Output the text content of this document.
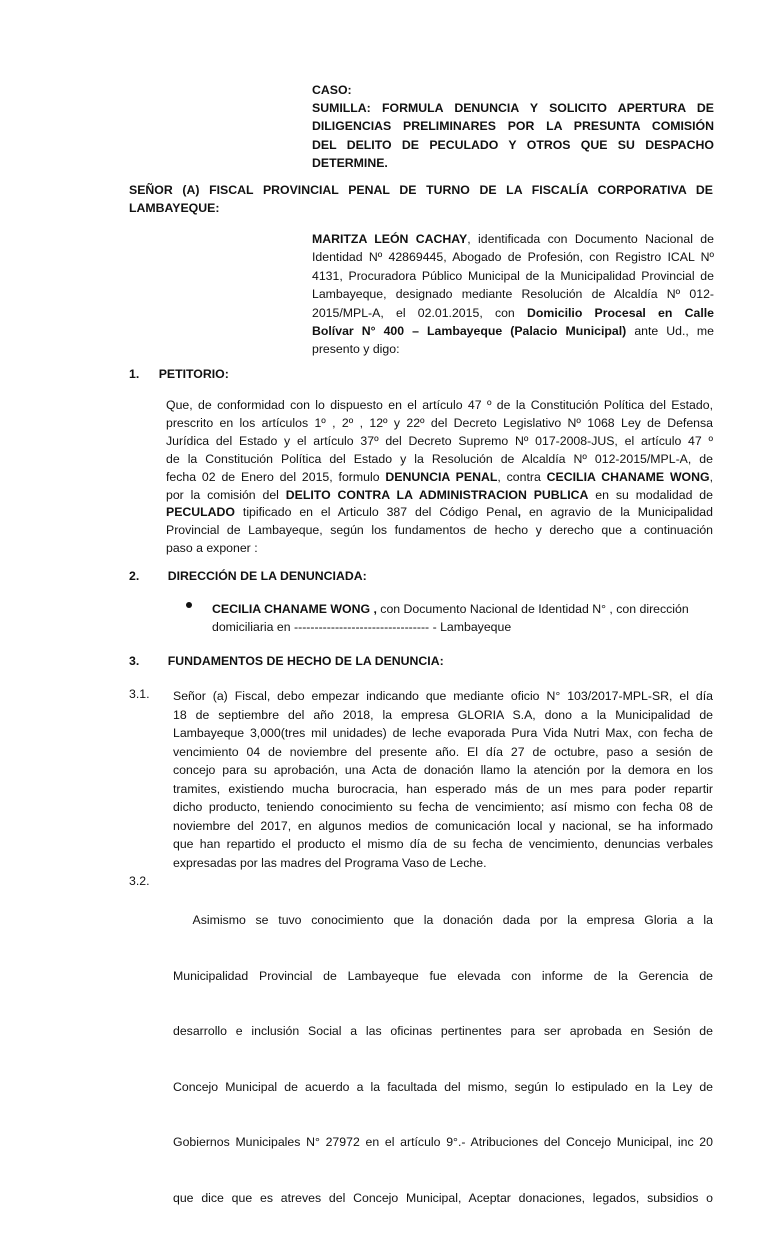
CASO:
SUMILLA: FORMULA DENUNCIA Y SOLICITO APERTURA DE
DILIGENCIAS PRELIMINARES POR LA PRESUNTA COMISIÓN
DEL DELITO DE PECULADO Y OTROS QUE SU DESPACHO
DETERMINE.
SEÑOR (A) FISCAL PROVINCIAL PENAL DE TURNO DE LA FISCALÍA CORPORATIVA DE
LAMBAYEQUE:
MARITZA LEÓN CACHAY, identificada con Documento Nacional de
Identidad Nº 42869445, Abogado de Profesión, con Registro ICAL Nº
4131, Procuradora Público Municipal de la Municipalidad Provincial de
Lambayeque, designado mediante Resolución de Alcaldía Nº 012-
2015/MPL-A, el 02.01.2015, con Domicilio Procesal en Calle
Bolívar N° 400 – Lambayeque (Palacio Municipal) ante Ud., me
presento y digo:
1. PETITORIO:
Que, de conformidad con lo dispuesto en el artículo 47 º de la Constitución Política del Estado,
prescrito en los artículos 1º , 2º , 12º y 22º del Decreto Legislativo Nº 1068 Ley de Defensa
Jurídica del Estado y el artículo 37º del Decreto Supremo Nº 017-2008-JUS, el artículo 47 º
de la Constitución Política del Estado y la Resolución de Alcaldía Nº 012-2015/MPL-A, de
fecha 02 de Enero del 2015, formulo DENUNCIA PENAL, contra CECILIA CHANAME WONG,
por la comisión del DELITO CONTRA LA ADMINISTRACION PUBLICA en su modalidad de
PECULADO tipificado en el Articulo 387 del Código Penal, en agravio de la Municipalidad
Provincial de Lambayeque, según los fundamentos de hecho y derecho que a continuación
paso a exponer :
2. DIRECCIÓN DE LA DENUNCIADA:
CECILIA CHANAME WONG , con Documento Nacional de Identidad N° , con dirección
domiciliaria en --------------------------------- - Lambayeque
3. FUNDAMENTOS DE HECHO DE LA DENUNCIA:
3.1. Señor (a) Fiscal, debo empezar indicando que mediante oficio N° 103/2017-MPL-SR, el día
18 de septiembre del año 2018, la empresa GLORIA S.A, dono a la Municipalidad de
Lambayeque 3,000(tres mil unidades) de leche evaporada Pura Vida Nutri Max, con fecha de
vencimiento 04 de noviembre del presente año. El día 27 de octubre, paso a sesión de
concejo para su aprobación, una Acta de donación llamo la atención por la demora en los
tramites, existiendo mucha burocracia, han esperado más de un mes para poder repartir
dicho producto, teniendo conocimiento su fecha de vencimiento; así mismo con fecha 08 de
noviembre del 2017, en algunos medios de comunicación local y nacional, se ha informado
que han repartido el producto el mismo día de su fecha de vencimiento, denuncias verbales
expresadas por las madres del Programa Vaso de Leche.
3.2.

Asimismo se tuvo conocimiento que la donación dada por la empresa Gloria a la

Municipalidad Provincial de Lambayeque fue elevada con informe de la Gerencia de

desarrollo e inclusión Social a las oficinas pertinentes para ser aprobada en Sesión de

Concejo Municipal de acuerdo a la facultada del mismo, según lo estipulado en la Ley de

Gobiernos Municipales N° 27972 en el artículo 9°.- Atribuciones del Concejo Municipal, inc 20

que dice que es atreves del Concejo Municipal, Aceptar donaciones, legados, subsidios o
